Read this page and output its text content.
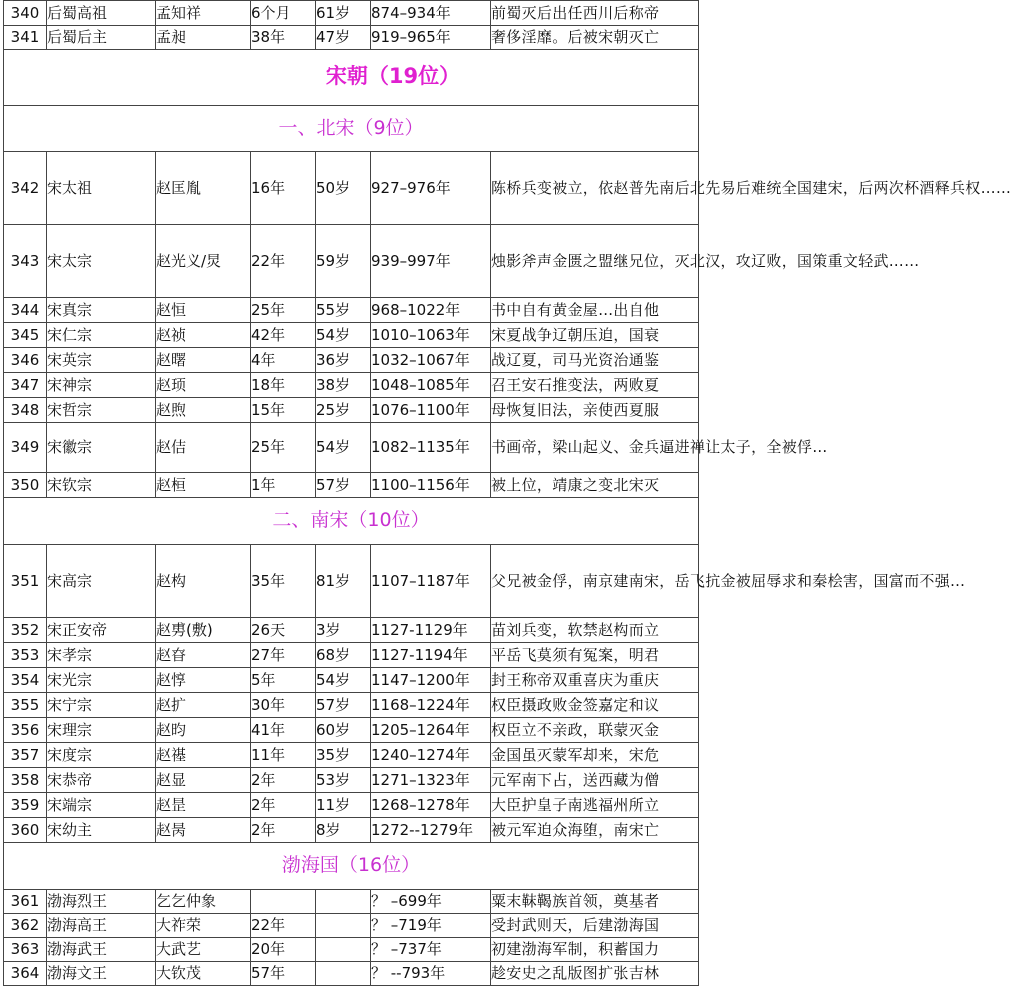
340	后蜀高祖	孟知祥	6个月	61岁	874–934年	前蜀灭后出任西川后称帝
341	后蜀后主	孟昶	38年	47岁	919–965年	奢侈淫靡。后被宋朝灭亡
宋朝（19位）						
一、北宋（9位）						
342	宋太祖	赵匡胤	16年	50岁	927–976年	陈桥兵变被立，依赵普先南后北先易后难统全国建宋，后两次杯酒释兵权……
343	宋太宗	赵光义/炅	22年	59岁	939–997年	烛影斧声金匮之盟继兄位，灭北汉，攻辽败，国策重文轻武……
344	宋真宗	赵恒	25年	55岁	968–1022年	书中自有黄金屋…出自他
345	宋仁宗	赵祯	42年	54岁	1010–1063年	宋夏战争辽朝压迫，国衰
346	宋英宗	赵曙	4年	36岁	1032–1067年	战辽夏，司马光资治通鉴
347	宋神宗	赵顼	18年	38岁	1048–1085年	召王安石推变法，两败夏
348	宋哲宗	赵煦	15年	25岁	1076–1100年	母恢复旧法，亲使西夏服
349	宋徽宗	赵佶	25年	54岁	1082–1135年	书画帝，梁山起义、金兵逼进禅让太子，全被俘…
350	宋钦宗	赵桓	1年	57岁	1100–1156年	被上位，靖康之变北宋灭
二、南宋（10位）						
351	宋高宗	赵构	35年	81岁	1107–1187年	父兄被金俘，南京建南宋，岳飞抗金被屈辱求和秦桧害，国富而不强…
352	宋正安帝	赵旉(敷)	26天	3岁	1127-1129年	苗刘兵变，软禁赵构而立
353	宋孝宗	赵昚	27年	68岁	1127-1194年	平岳飞莫须有冤案，明君
354	宋光宗	赵惇	5年	54岁	1147–1200年	封王称帝双重喜庆为重庆
355	宋宁宗	赵扩	30年	57岁	1168–1224年	权臣摄政败金签嘉定和议
356	宋理宗	赵昀	41年	60岁	1205–1264年	权臣立不亲政，联蒙灭金
357	宋度宗	赵禥	11年	35岁	1240–1274年	金国虽灭蒙军却来，宋危
358	宋恭帝	赵显	2年	53岁	1271–1323年	元军南下占，送西藏为僧
359	宋端宗	赵昰	2年	11岁	1268–1278年	大臣护皇子南逃福州所立
360	宋幼主	赵昺	2年	8岁	1272--1279年	被元军迫众海堕，南宋亡
渤海国（16位）						
361	渤海烈王	乞乞仲象			？ –699年	粟末靺鞨族首领，奠基者
362	渤海高王	大祚荣	22年		？ –719年	受封武则天，后建渤海国
363	渤海武王	大武艺	20年		？ –737年	初建渤海军制，积蓄国力
364	渤海文王	大钦茂	57年		？ --793年	趁安史之乱版图扩张吉林
